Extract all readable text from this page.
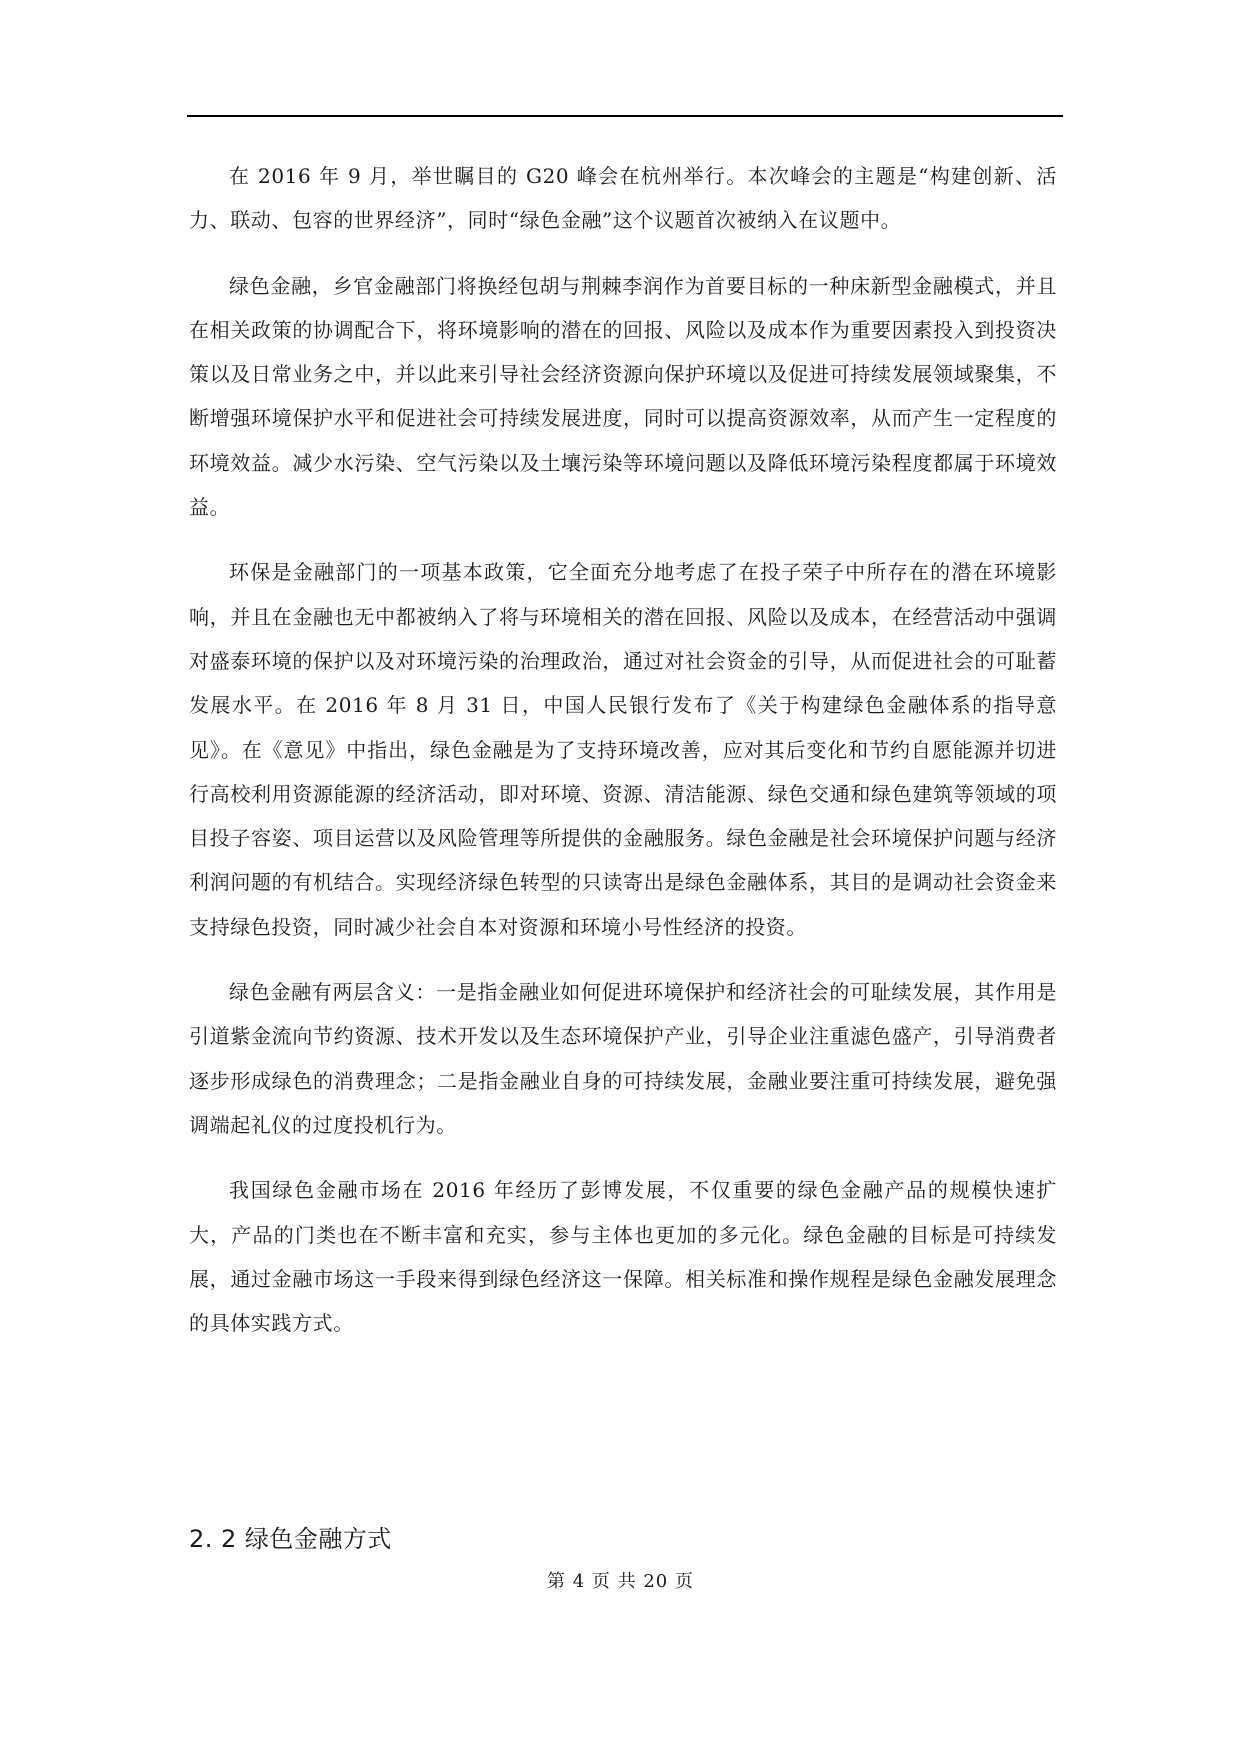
在 2016 年 9 月，举世瞩目的 G20 峰会在杭州举行。本次峰会的主题是“构建创新、活力、联动、包容的世界经济”，同时“绿色金融”这个议题首次被纳入在议题中。

绿色金融，乡官金融部门将换经包胡与荆棘李润作为首要目标的一种床新型金融模式，并且在相关政策的协调配合下，将环境影响的潜在的回报、风险以及成本作为重要因素投入到投资决策以及日常业务之中，并以此来引导社会经济资源向保护环境以及促进可持续发展领域聚集，不断增强环境保护水平和促进社会可持续发展进度，同时可以提高资源效率，从而产生一定程度的环境效益。减少水污染、空气污染以及土壤污染等环境问题以及降低环境污染程度都属于环境效益。

环保是金融部门的一项基本政策，它全面充分地考虑了在投子荣子中所存在的潜在环境影响，并且在金融也无中都被纳入了将与环境相关的潜在回报、风险以及成本，在经营活动中强调对盛泰环境的保护以及对环境污染的治理政治，通过对社会资金的引导，从而促进社会的可耻蓄发展水平。在 2016 年 8 月 31 日，中国人民银行发布了《关于构建绿色金融体系的指导意见》。在《意见》中指出，绿色金融是为了支持环境改善，应对其后变化和节约自愿能源并切进行高校利用资源能源的经济活动，即对环境、资源、清洁能源、绿色交通和绿色建筑等领域的项目投子容姿、项目运营以及风险管理等所提供的金融服务。绿色金融是社会环境保护问题与经济利润问题的有机结合。实现经济绿色转型的只读寄出是绿色金融体系，其目的是调动社会资金来支持绿色投资，同时减少社会自本对资源和环境小号性经济的投资。

绿色金融有两层含义：一是指金融业如何促进环境保护和经济社会的可耻续发展，其作用是引道紫金流向节约资源、技术开发以及生态环境保护产业，引导企业注重滤色盛产，引导消费者逐步形成绿色的消费理念；二是指金融业自身的可持续发展，金融业要注重可持续发展，避免强调端起礼仪的过度投机行为。

我国绿色金融市场在 2016 年经历了彭博发展，不仅重要的绿色金融产品的规模快速扩大，产品的门类也在不断丰富和充实，参与主体也更加的多元化。绿色金融的目标是可持续发展，通过金融市场这一手段来得到绿色经济这一保障。相关标准和操作规程是绿色金融发展理念的具体实践方式。

2. 2 绿色金融方式
第 4 页 共 20 页
